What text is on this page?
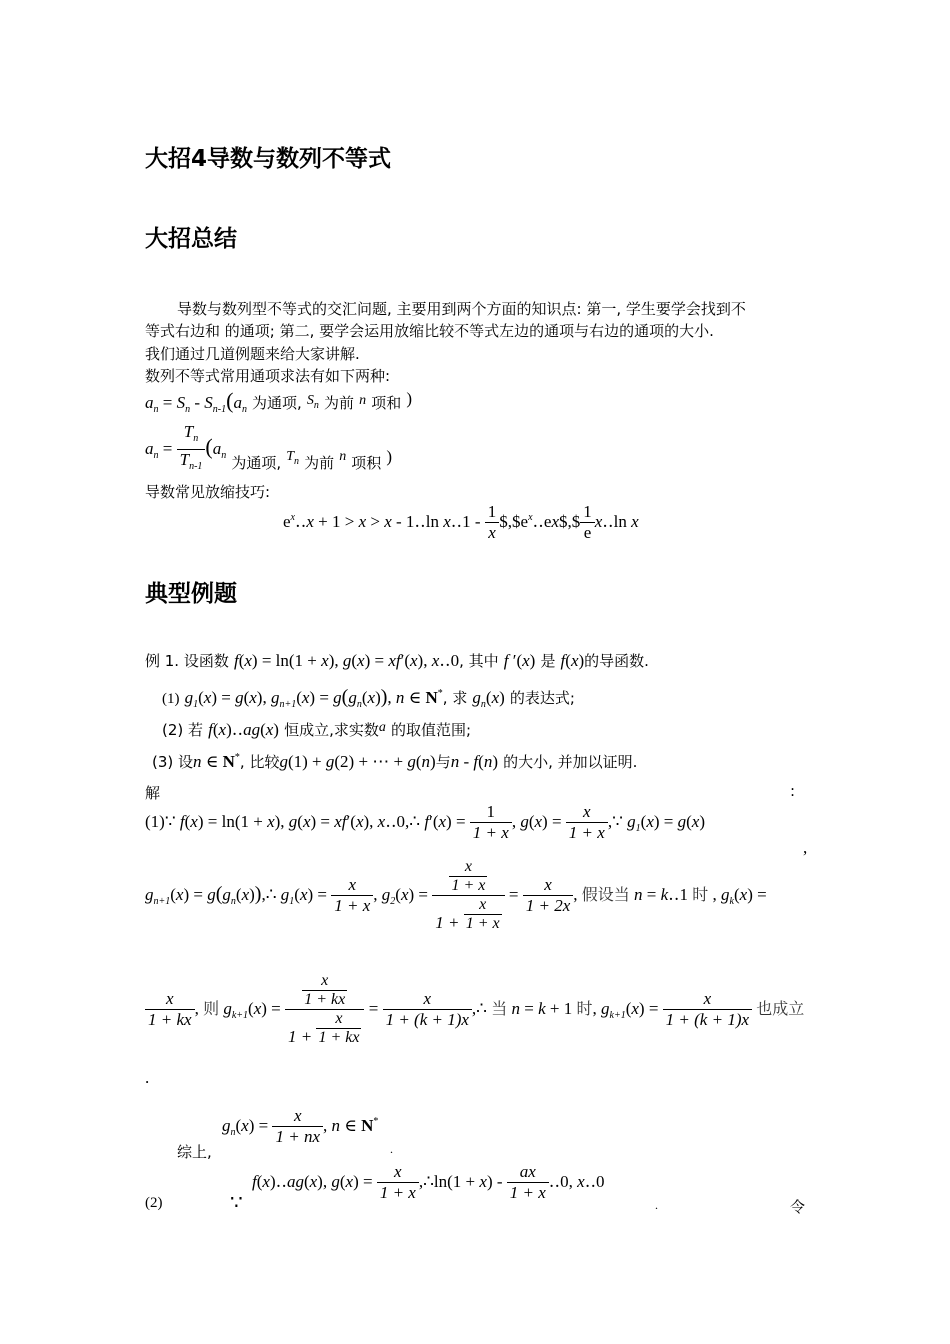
大招4导数与数列不等式
大招总结
导数与数列型不等式的交汇问题, 主要用到两个方面的知识点: 第一, 学生要学会找到不
等式右边和 的通项; 第二, 要学会运用放缩比较不等式左边的通项与右边的通项的大小.
我们通过几道例题来给大家讲解.
数列不等式常用通项求法有如下两种:
$a_n = S_n - S_{n-1}(a_n$ 为通项, Sn 为前 n 项和 )
$a_n = \frac{T_n}{T_{n-1}} (a_n$ 为通项, $T_n$ 为前 n 项积 )
导数常见放缩技巧:
$e^x‥x + 1 > x > x$ - 1‥ln x‥1 - $\frac{1}{x}$ $\$,\$e^x‥ex\$,\$ \frac{1}{e}$ x‥ln x
典型例题
例 1. 设函数 f(x) = ln(1 + x), g(x) = xf′(x), x‥0, 其中 f ′(x) 是 f(x)的导函数.
(1) $g_1(x) = g(x)$, $g_{n+1}(x) = g(g_n(x))$, n ∈ N*, 求 $g_n(x)$ 的表达式;
(2) 若 f(x)‥ag(x) 恒成立,求实数a 的取值范围;
(3) 设n ∈ N*, 比较g(1) + g(2) + ⋯ + g(n)与n - f(n) 的大小, 并加以证明.
解	:
(1)∵ f(x) = ln(1 + x), g(x) = xf′(x), x‥0,∴ $f'(x) = \frac{1}{1 + x}$ , $g(x) = \frac{x}{1 + x}$ ,∵ $g_1(x) = g(x)$
,
$g_{n+1}(x)$ = $g(g_n(x)),\therefore$ $g_1(x) = \frac{x}{1 + x}$ , $g_2(x) = \frac{\frac{x}{1 + x}}{1 + \frac{x}{1 + x}} = \frac{x}{1 + 2x}$ , 假设当 n = k‥1 时 , $g_k(x)$ =
$\frac{x}{1 + kx}$ , 则 $g_{k+1}(x) = \frac{\frac{x}{1 + kx}}{1 + \frac{x}{1 + kx}} = \frac{x}{1 + (k + 1)x}$ ,∴ 当 n = k + 1 时, $g_{k+1}(x) = \frac{x}{1 + (k + 1)x}$ 也成立
.
综上,
$g_n(x) = \frac{x}{1 + nx}$ , n ∈ N*
.
(2)	∵
f(x)‥ag(x), $g(x) = \frac{x}{1 + x}$ ,∴ln(1 + $x) - \frac{ax}{1 + x}$ ‥0, x‥0
.	令
